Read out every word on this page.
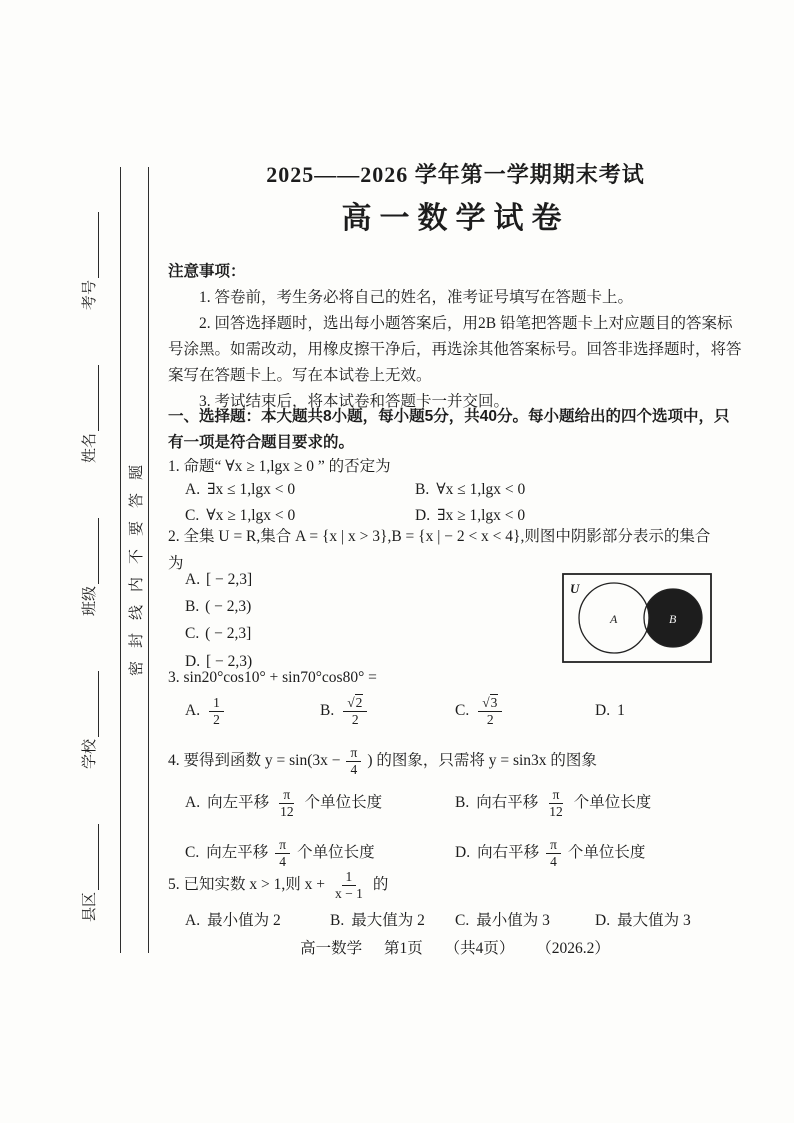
县区
学校
班级
姓名
考号
密封线内不要答题
2025——2026 学年第一学期期末考试
高一数学试卷
注意事项：
1. 答卷前，考生务必将自己的姓名，准考证号填写在答题卡上。
2. 回答选择题时，选出每小题答案后，用2B 铅笔把答题卡上对应题目的答案标号涂黑。如需改动，用橡皮擦干净后，再选涂其他答案标号。回答非选择题时，将答案写在答题卡上。写在本试卷上无效。
3. 考试结束后，将本试卷和答题卡一并交回。
一、选择题：本大题共8小题，每小题5分，共40分。每小题给出的四个选项中，只有一项是符合题目要求的。
1. 命题“ ∀x ≥ 1,lgx ≥ 0 ” 的否定为
A. ∃x ≤ 1,lgx < 0	B. ∀x ≤ 1,lgx < 0
C. ∀x ≥ 1,lgx < 0	D. ∃x ≥ 1,lgx < 0
2. 全集 U = R,集合 A = {x | x > 3},B = {x | − 2 < x < 4},则图中阴影部分表示的集合
为
A. [ − 2,3]
B. ( − 2,3)
C. ( − 2,3]
D. [ − 2,3)
U
A	B
3. sin20°cos10° + sin70°cos80° =
A. $\frac{1}{2}$	B. $\frac{√2}{2}$	C. $\frac{√3}{2}$	D. 1
4. 要得到函数 $y = \sin(3x - \frac{\pi}{4}$ ) 的图象，只需将 y = sin3x 的图象
A. 向左平移 $\frac{\pi}{12}$ 个单位长度	B. 向右平移 $\frac{\pi}{12}$ 个单位长度
C. 向左平移 $\frac{\pi}{4}$ 个单位长度	D. 向右平移 $\frac{\pi}{4}$ 个单位长度
5. 已知实数 x > 1,则 $x + \frac{1}{x - 1}$ 的
A. 最小值为 2	B. 最大值为 2 C. 最小值为 3	D. 最大值为 3
高一数学 第1页 （共4页） （2026.2）
